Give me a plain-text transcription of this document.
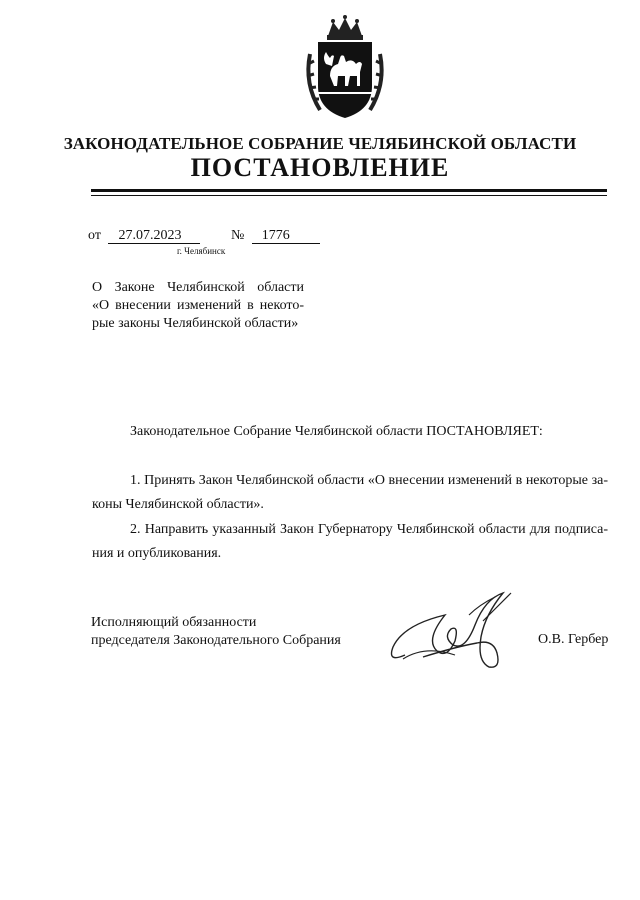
ЗАКОНОДАТЕЛЬНОЕ СОБРАНИЕ ЧЕЛЯБИНСКОЙ ОБЛАСТИ
ПОСТАНОВЛЕНИЕ
от 27.07.2023	№ 1776
г. Челябинск
О Законе Челябинской области
«О внесении изменений в некото-
рые законы Челябинской области»
Законодательное Собрание Челябинской области ПОСТАНОВЛЯЕТ:
1. Принять Закон Челябинской области «О внесении изменений в некоторые за-
коны Челябинской области».
2. Направить указанный Закон Губернатору Челябинской области для подписа-
ния и опубликования.
Исполняющий обязанности
председателя Законодательного Собрания	О.В. Гербер
